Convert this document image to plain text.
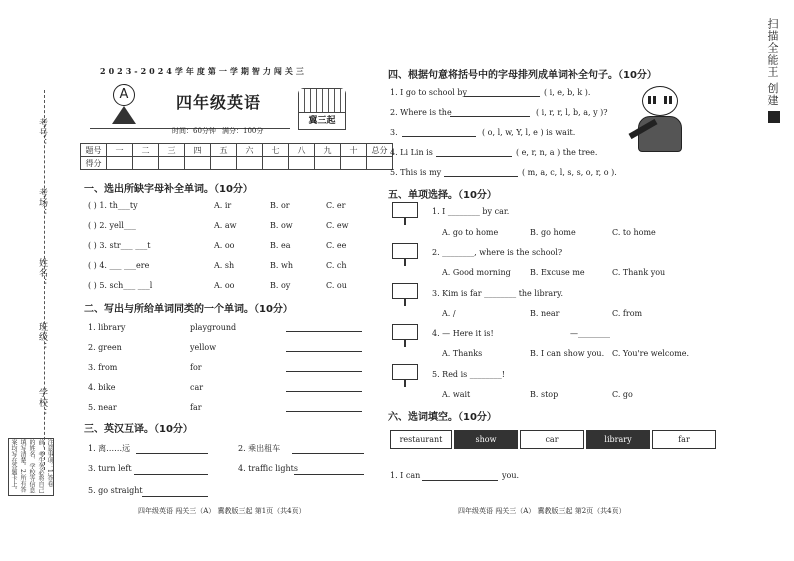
扫描全能王 创建
考号：
考场：
姓名：
班级：
学校：
注意事项：1.答卷前，考生务必将自己的姓名、学校等信息填写清楚。2.所有答案均写在答题卡上。
2023-2024学年度第一学期智力闯关三
A	四年级英语
时间：60分钟 满分：100分
冀三起
题号	一	二	三	四	五	六	七	八	九	十	总分
得分											
一、选出所缺字母补全单词。（10分）
( ) 1. th___ty	A. ir	B. or	C. er
( ) 2. yell___	A. aw	B. ow	C. ew
( ) 3. str___ ___t	A. oo	B. ea	C. ee
( ) 4. ___ ___ere	A. sh	B. wh	C. ch
( ) 5. sch___ ___l	A. oo	B. oy	C. ou
二、写出与所给单词同类的一个单词。（10分）
1. library	playground
2. green	yellow
3. from	for
4. bike	car
5. near	far
三、英汉互译。（10分）
1. 离……远	2. 乘出租车
3. turn left	4. traffic lights
5. go straight
四年级英语 闯关三（A） 冀教版三起 第1页（共4页）
四、根据句意将括号中的字母排列成单词补全句子。（10分）
1. I go to school by	( i, e, b, k ).
2. Where is the	( i, r, r, l, b, a, y )?
3.	( o, l, w, Y, l, e ) is wait.
4. Li Lin is	( e, r, n, a ) the tree.
5. This is my	( m, a, c, l, s, s, o, r, o ).
五、单项选择。（10分）
1. I ________ by car.
A. go to home	B. go home	C. to home
2. ________, where is the school?
A. Good morning B. Excuse me	C. Thank you
3. Kim is far ________ the library.
A. /	B. near	C. from
4. — Here it is!                              —________
A. Thanks	B. I can show you. C. You're welcome.
5. Red is ________!
A. wait	B. stop	C. go
六、选词填空。（10分）
restaurant	show	car	library	far
1. I can	you.
四年级英语 闯关三（A） 冀教版三起 第2页（共4页）
